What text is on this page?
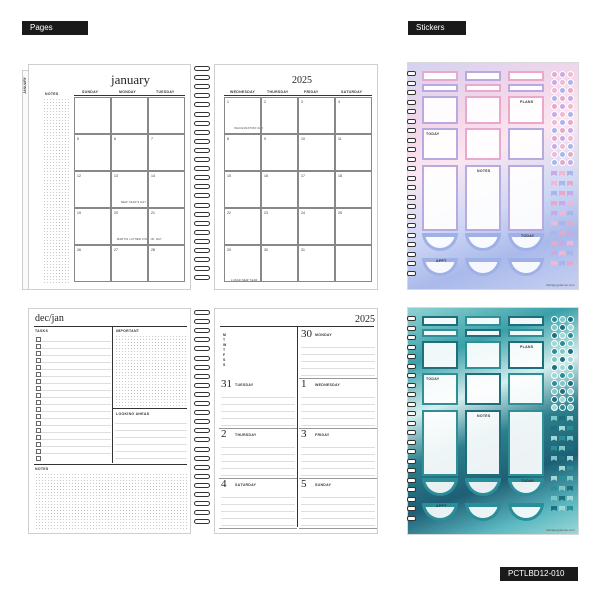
Pages	Stickers
PCTLBD12-010
JANUARY
NOTES
january
NEW YEAR'S DAY
MARTIN LUTHER KING JR. DAY
SUNDAY	MONDAY	TUESDAY
5	6	7
12	13	14
19	20	21
26	27	28
2025
INAUGURATION DAY
LUNAR NEW YEAR
WEDNESDAY	THURSDAY	FRIDAY	SATURDAY
1	2	3	4
8	9	10	11
15	16	17	18
22	23	24	25
29	30	31
dec/jan
TASKS	IMPORTANT
LOOKING AHEAD
NOTES
2025
M
T
W
T
F
S
S
30 MONDAY
31 TUESDAY	1 WEDNESDAY
2 THURSDAY	3 FRIDAY
4 SATURDAY	5 SUNDAY
PLANS
TODAY
NOTES
TODAY
APPT
thehappyplanner.com
PLANS
TODAY
NOTES
TODAY
APPT
thehappyplanner.com
